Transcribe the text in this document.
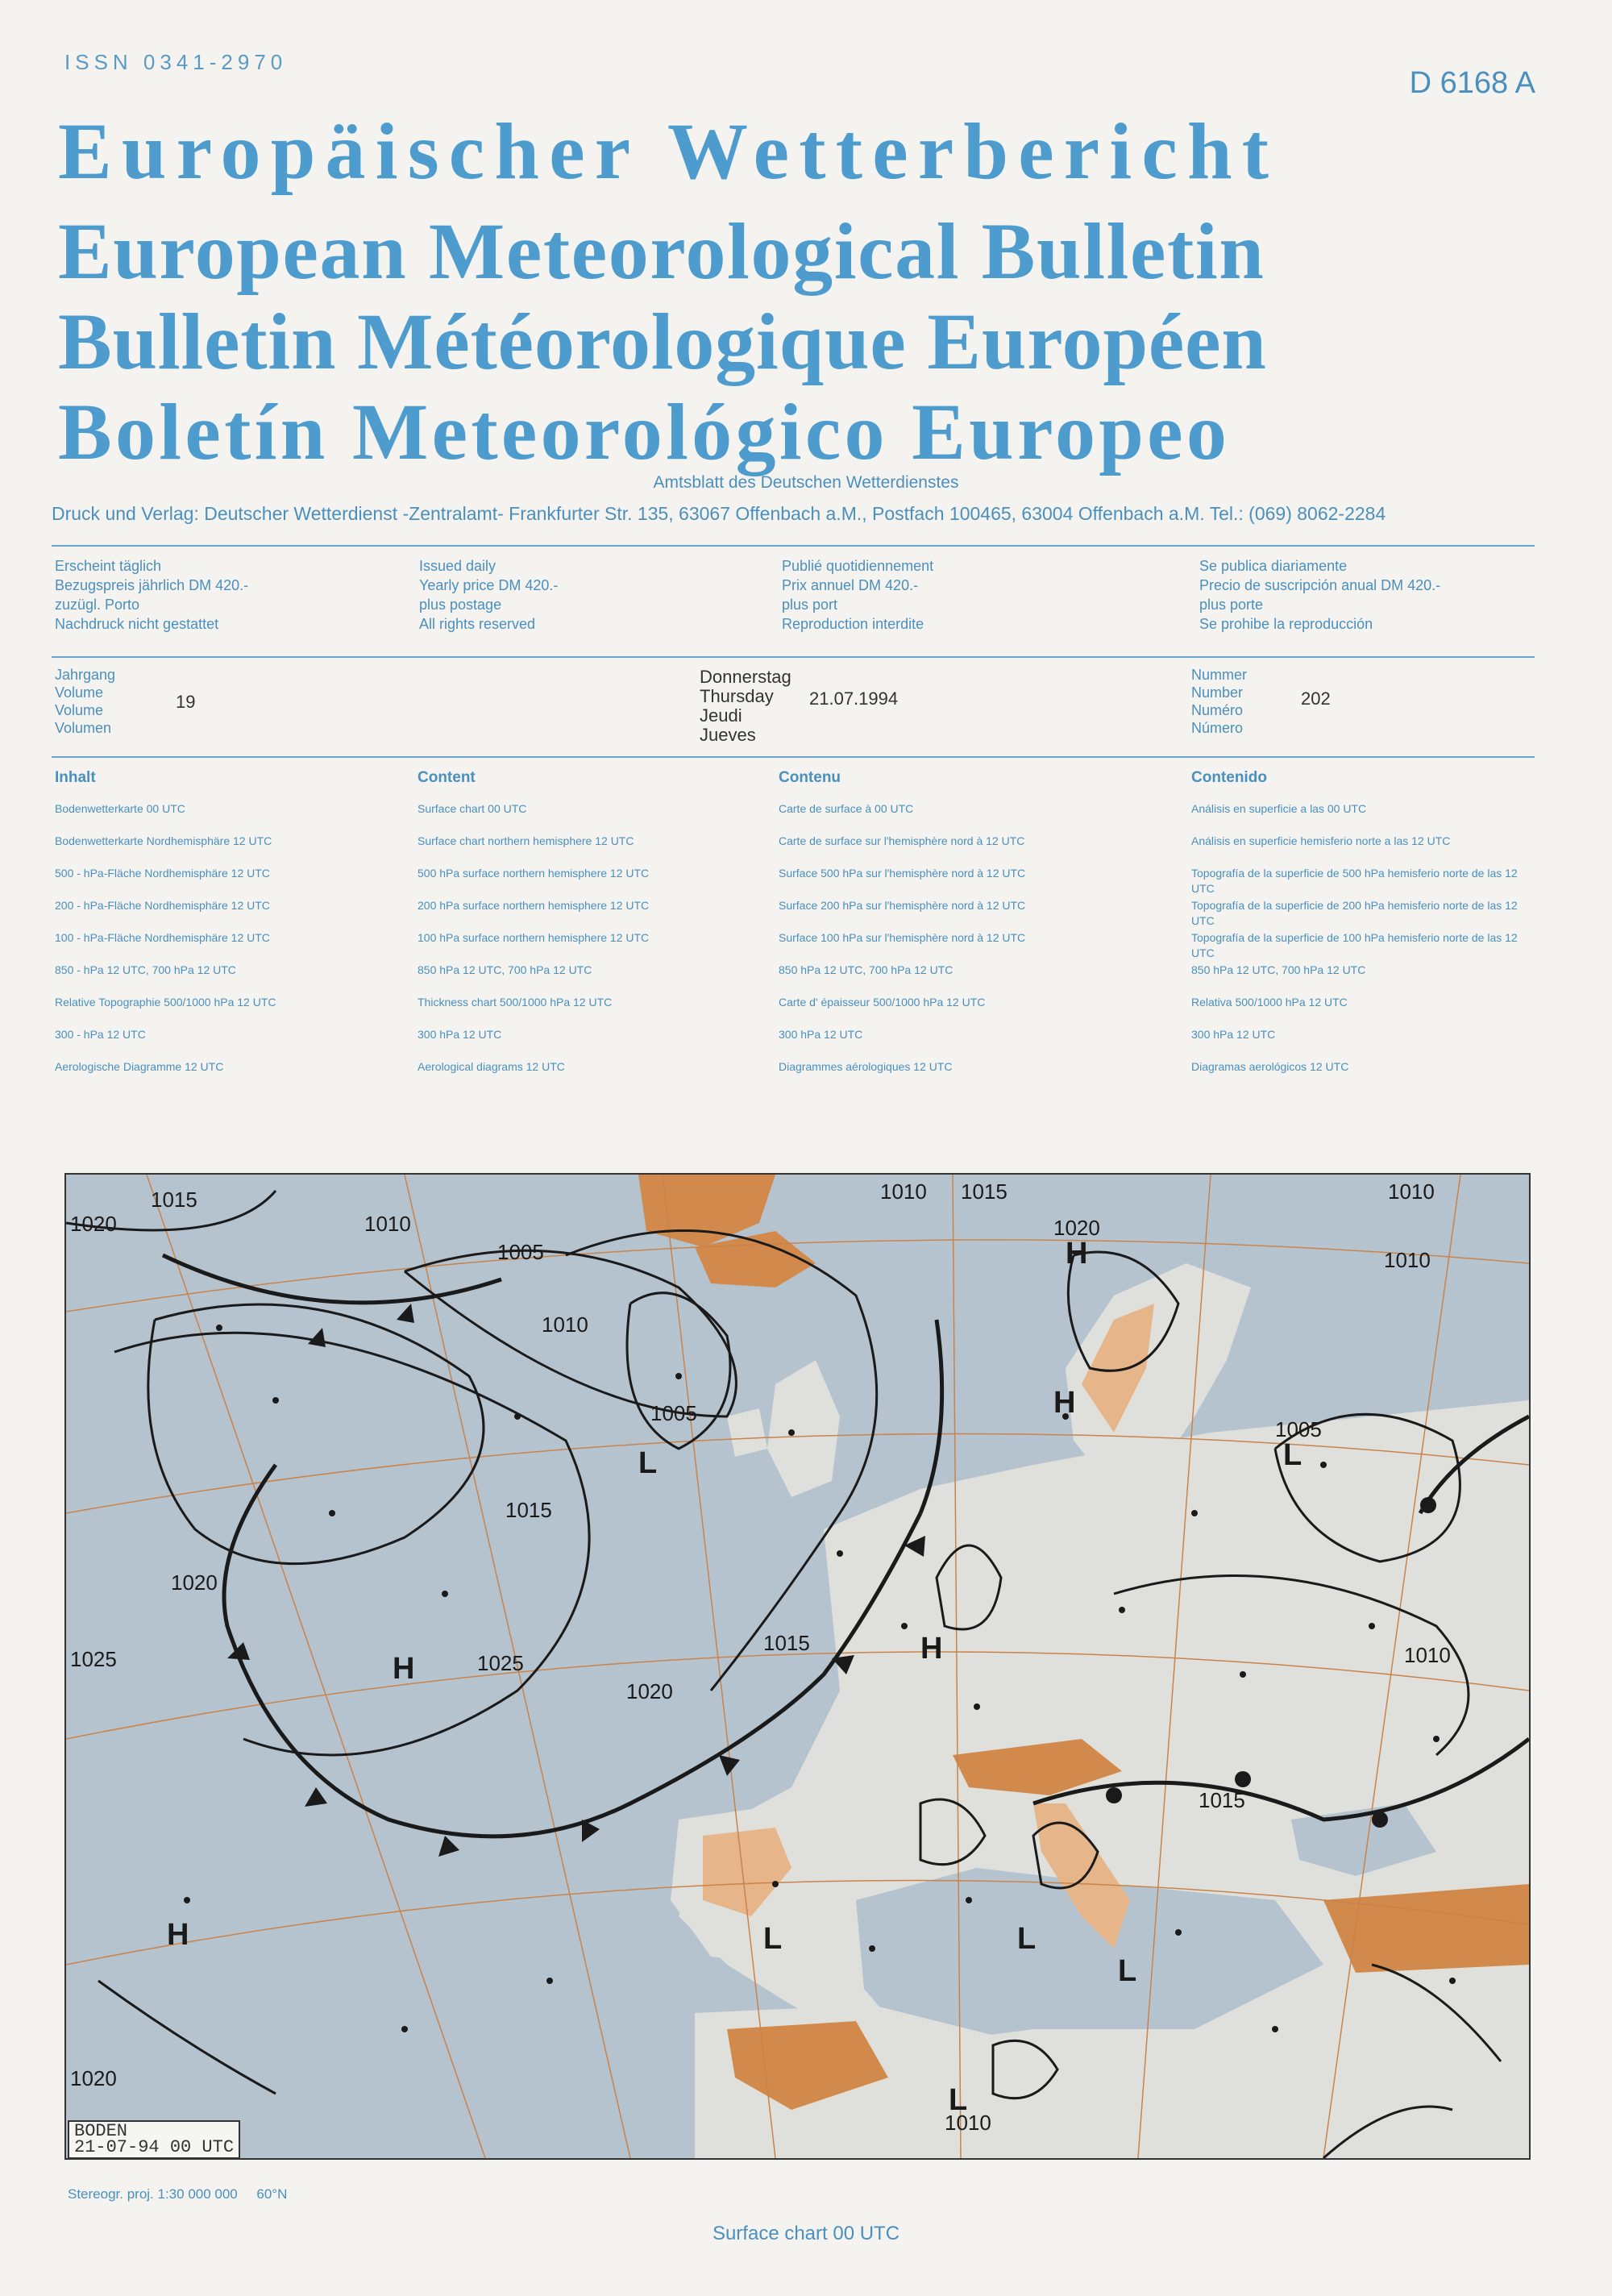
ISSN 0341-2970
D 6168 A
Europäischer Wetterbericht
European Meteorological Bulletin
Bulletin Météorologique Européen
Boletín Meteorológico Europeo
Amtsblatt des Deutschen Wetterdienstes
Druck und Verlag: Deutscher Wetterdienst -Zentralamt- Frankfurter Str. 135, 63067 Offenbach a.M., Postfach 100465, 63004 Offenbach a.M. Tel.: (069) 8062-2284
Erscheint täglich
Bezugspreis jährlich DM 420.-
zuzügl. Porto
Nachdruck nicht gestattet
Issued daily
Yearly price DM 420.-
plus postage
All rights reserved
Publié quotidiennement
Prix annuel DM 420.-
plus port
Reproduction interdite
Se publica diariamente
Precio de suscripción anual DM 420.-
plus porte
Se prohibe la reproducción
Jahrgang
Volume
Volume
Volumen
19
Donnerstag
Thursday
Jeudi
Jueves
21.07.1994
Nummer
Number
Numéro
Número
202
Inhalt
Bodenwetterkarte 00 UTC
Bodenwetterkarte Nordhemisphäre 12 UTC
500 - hPa-Fläche Nordhemisphäre 12 UTC
200 - hPa-Fläche Nordhemisphäre 12 UTC
100 - hPa-Fläche Nordhemisphäre 12 UTC
850 - hPa 12 UTC, 700 hPa 12 UTC
Relative Topographie 500/1000 hPa 12 UTC
300 - hPa 12 UTC
Aerologische Diagramme 12 UTC
Content
Surface chart 00 UTC
Surface chart northern hemisphere 12 UTC
500 hPa surface northern hemisphere 12 UTC
200 hPa surface northern hemisphere 12 UTC
100 hPa surface northern hemisphere 12 UTC
850 hPa 12 UTC, 700 hPa 12 UTC
Thickness chart 500/1000 hPa 12 UTC
300 hPa 12 UTC
Aerological diagrams 12 UTC
Contenu
Carte de surface à 00 UTC
Carte de surface sur l'hemisphère nord à 12 UTC
Surface 500 hPa sur l'hemisphère nord à 12 UTC
Surface 200 hPa sur l'hemisphère nord à 12 UTC
Surface 100 hPa sur l'hemisphère nord à 12 UTC
850 hPa 12 UTC, 700 hPa 12 UTC
Carte d' épaisseur 500/1000 hPa 12 UTC
300 hPa 12 UTC
Diagrammes aérologiques 12 UTC
Contenido
Análisis en superficie a las 00 UTC
Análisis en superficie hemisferio norte a las 12 UTC
Topografía de la superficie de 500 hPa hemisferio norte de las 12 UTC
Topografía de la superficie de 200 hPa hemisferio norte de las 12 UTC
Topografía de la superficie de 100 hPa hemisferio norte de las 12 UTC
850 hPa 12 UTC, 700 hPa 12 UTC
Relativa 500/1000 hPa 12 UTC
300 hPa 12 UTC
Diagramas aerológicos 12 UTC
1015
1010
1020
1005
1010
1005
1015
1020
1025
1015
1020
1025
1010 1015
1020
1010
1010
1005
1010
1015
1020
1010
H
L
H
H
H
L
H	L	L
L
L
BODEN
21-07-94 00 UTC
Stereogr. proj. 1:30 000 000 60°N
Surface chart 00 UTC
